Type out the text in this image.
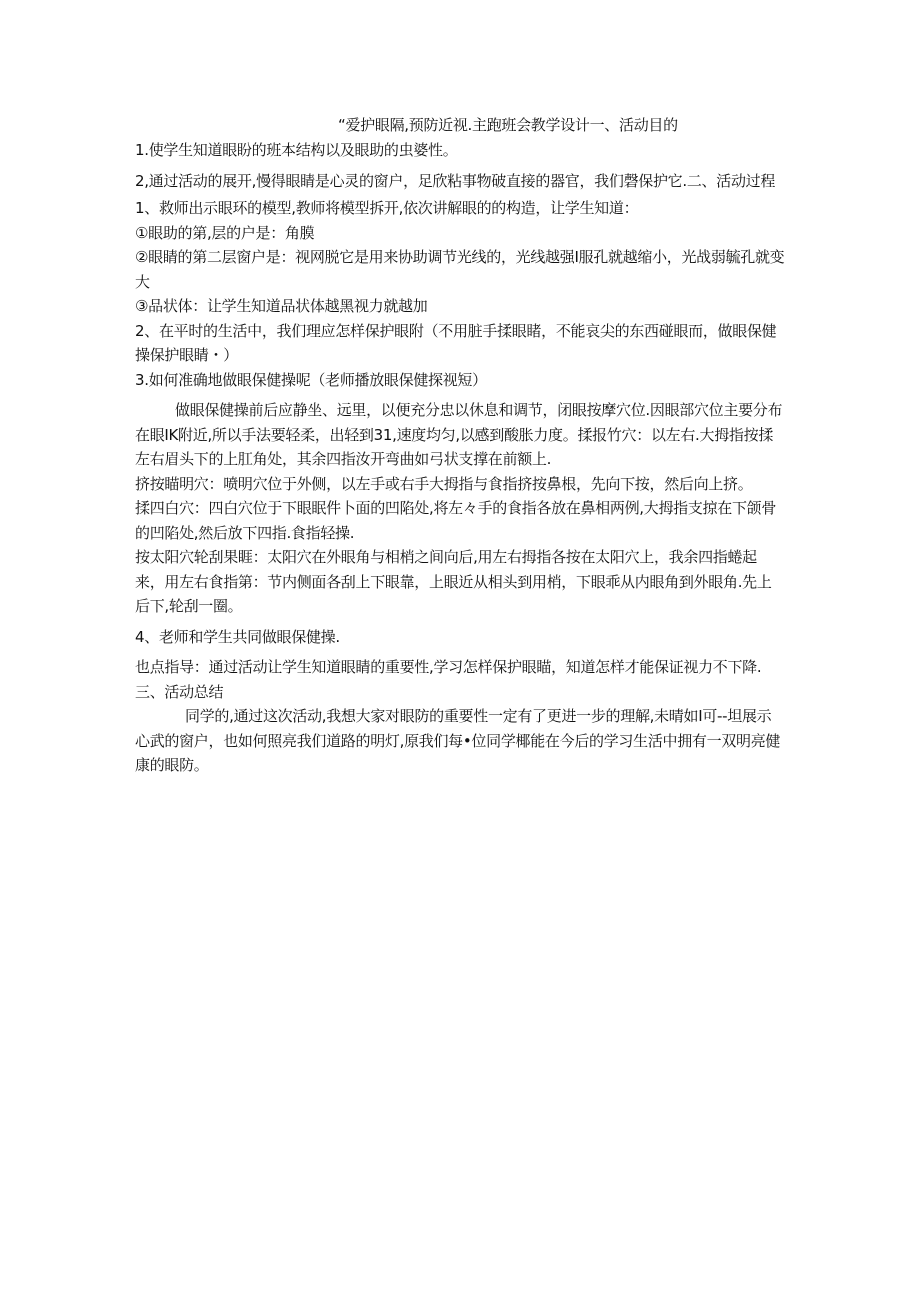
“爱护眼隔,预防近视.主跑班会教学设计一、活动目的

1.使学生知道眼盼的班本结构以及眼助的虫婆性。

2,通过活动的展开,慢得眼睛是心灵的窗户，足欣粘事物破直接的器官，我们磬保护它.二、活动过程

1、救师出示眼环的模型,教师将模型拆开,依次讲解眼的的构造，让学生知道：

①眼助的第,层的户是：角膜

②眼睛的第二层窗户是：视网脱它是用来协助调节光线的，光线越强Ⅰ服孔就越缩小，光战弱毓孔就变大

③品状体：让学生知道品状体越黑视力就越加

2、在平时的生活中，我们理应怎样保护眼附（不用脏手揉眼睹，不能哀尖的东西碰眼而，做眼保健操保护眼睛・）

3.如何准确地做眼保健操呢（老师播放眼保健探视短）

做眼保健操前后应静坐、远里，以便充分忠以休息和调节，闭眼按摩穴位.因眼部穴位主要分布在眼IK附近,所以手法要轻柔，出轻到31,速度均匀,以感到酸胀力度。揉报竹穴：以左右.大拇指按揉左右眉头下的上肛角处，其余四指汝开弯曲如弓状支撑在前额上.

挤按瞄明穴：喷明穴位于外侧，以左手或右手大拇指与食指挤按鼻根，先向下按，然后向上挤。

揉四白穴：四白穴位于下眼眠件卜面的凹陷处,将左々手的食指各放在鼻相两例,大拇指支掠在下颌骨的凹陷处,然后放下四指.食指轻操.

按太阳穴轮刮果睚：太阳穴在外眼角与相梢之间向后,用左右拇指各按在太阳穴上，我余四指蜷起来，用左右食指第：节内侧面各刮上下眼靠，上眼近从相头到用梢，下眼乖从内眼角到外眼角.先上后下,轮刮一圈。

4、老师和学生共同做眼保健操.

也点指导：通过活动让学生知道眼睛的重要性,学习怎样保护眼瞄，知道怎样才能保证视力不下降.

三、活动总结

同学的,通过这次活动,我想大家对眼防的重要性一定有了更进一步的理解,未晴如I可--坦展示心武的窗户，也如何照亮我们道路的明灯,原我们每•位同学椰能在今后的学习生活中拥有一双明亮健康的眼防。
